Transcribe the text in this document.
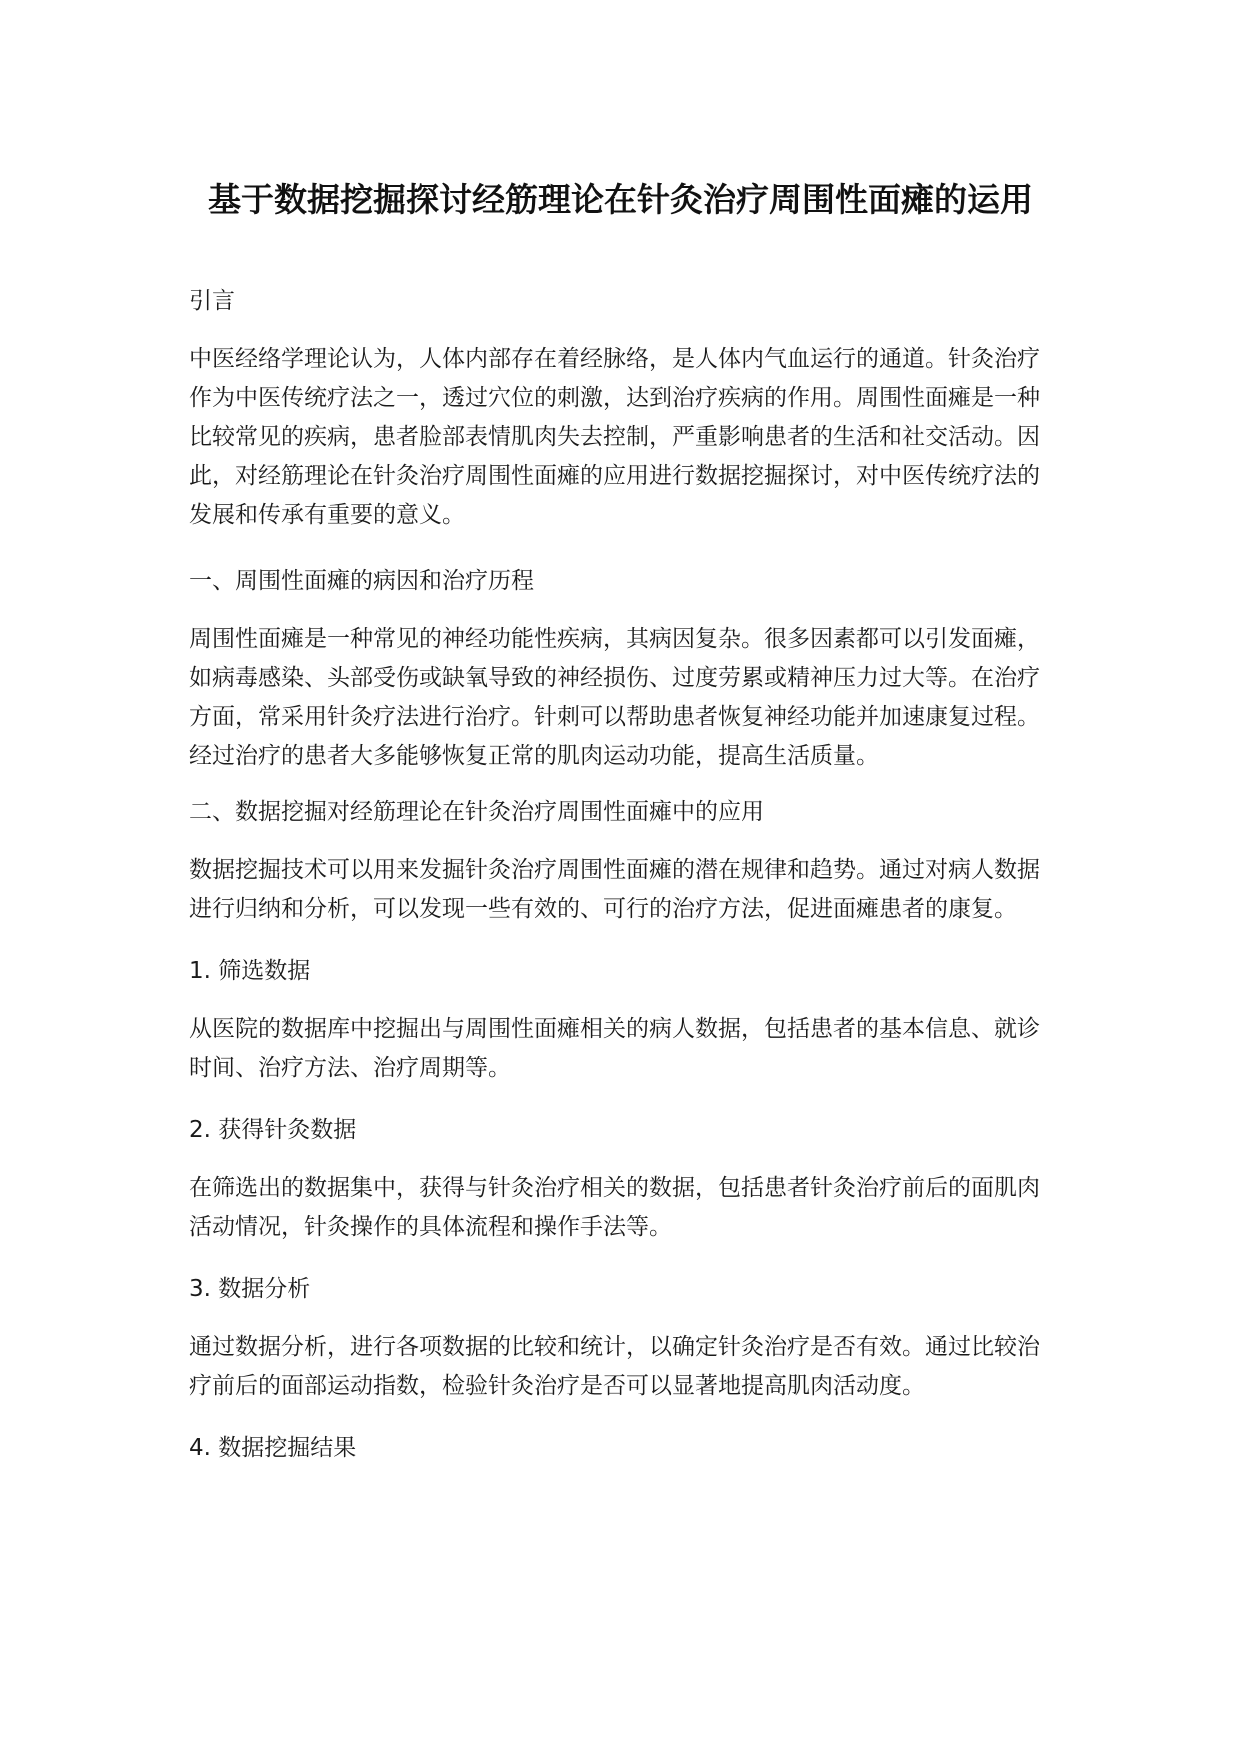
基于数据挖掘探讨经筋理论在针灸治疗周围性面瘫的运用
引言

中医经络学理论认为，人体内部存在着经脉络，是人体内气血运行的通道。针灸治疗
作为中医传统疗法之一，透过穴位的刺激，达到治疗疾病的作用。周围性面瘫是一种
比较常见的疾病，患者脸部表情肌肉失去控制，严重影响患者的生活和社交活动。因
此，对经筋理论在针灸治疗周围性面瘫的应用进行数据挖掘探讨，对中医传统疗法的
发展和传承有重要的意义。

一、周围性面瘫的病因和治疗历程

周围性面瘫是一种常见的神经功能性疾病，其病因复杂。很多因素都可以引发面瘫，
如病毒感染、头部受伤或缺氧导致的神经损伤、过度劳累或精神压力过大等。在治疗
方面，常采用针灸疗法进行治疗。针刺可以帮助患者恢复神经功能并加速康复过程。
经过治疗的患者大多能够恢复正常的肌肉运动功能，提高生活质量。

二、数据挖掘对经筋理论在针灸治疗周围性面瘫中的应用

数据挖掘技术可以用来发掘针灸治疗周围性面瘫的潜在规律和趋势。通过对病人数据
进行归纳和分析，可以发现一些有效的、可行的治疗方法，促进面瘫患者的康复。

1. 筛选数据

从医院的数据库中挖掘出与周围性面瘫相关的病人数据，包括患者的基本信息、就诊
时间、治疗方法、治疗周期等。

2. 获得针灸数据

在筛选出的数据集中，获得与针灸治疗相关的数据，包括患者针灸治疗前后的面肌肉
活动情况，针灸操作的具体流程和操作手法等。

3. 数据分析

通过数据分析，进行各项数据的比较和统计，以确定针灸治疗是否有效。通过比较治
疗前后的面部运动指数，检验针灸治疗是否可以显著地提高肌肉活动度。

4. 数据挖掘结果
